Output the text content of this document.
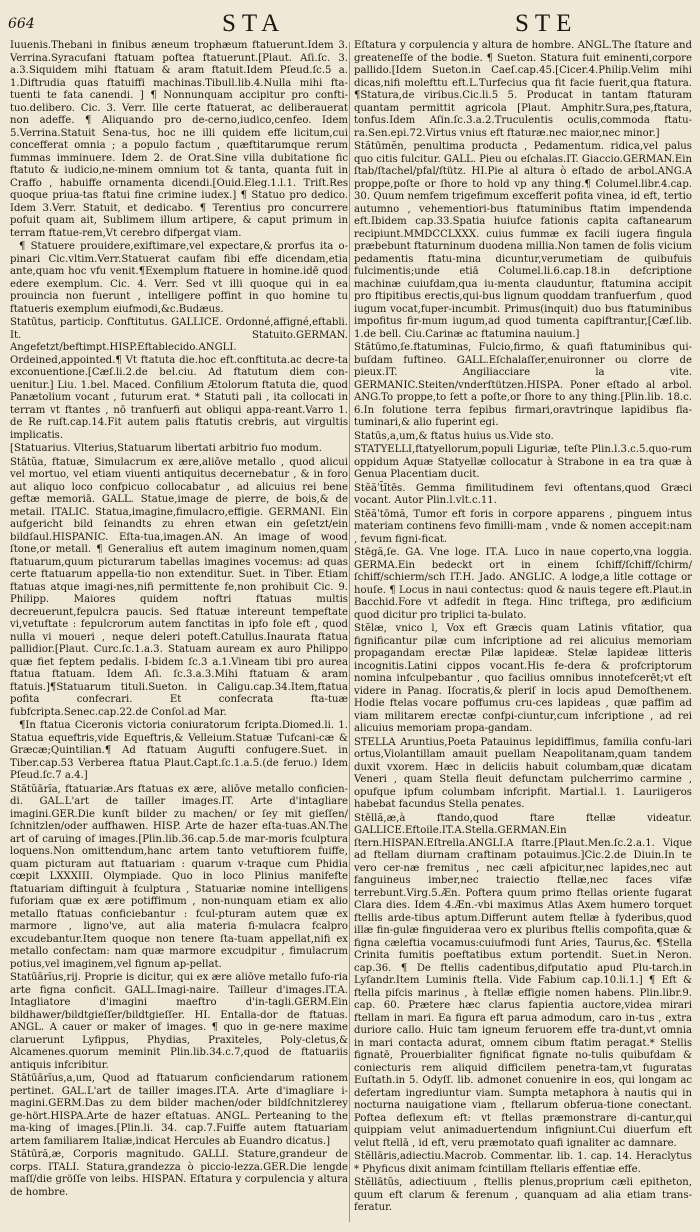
664	STA	STE

Iuuenis.Thebani in finibus æneum trophæum ftatuerunt.Idem 3. Verrina.Syracufani ftatuam poftea ftatuerunt.[Plaut. Aſi.ſc. 3. a.3.Siquidem mihi ftatuam & aram ftatuit.Idem Pſeud.ſc.5 a. 1.Diftrudia quas ftatuiffi machinas.Tibull.lib.4.Nulla mihi fta-tuenti te fata canendi. ] ¶ Nonnunquam accipitur pro confti-tuo.delibero. Cic. 3. Verr. Ille certe ftatuerat, ac deliberauerat non adeffe. ¶ Aliquando pro de-cerno,iudico,cenfeo. Idem 5.Verrina.Statuit Sena-tus, hoc ne illi quidem effe licitum,cui concefferat omnia ; a populo factum , quæftitarumque rerum fummas imminuere. Idem 2. de Orat.Sine villa dubitatione fic ftatuto & iudicio,ne-minem omnium tot & tanta, quanta fuit in Craffo , habuiffe ornamenta dicendi.[Ouid.Eleg.1.l.1. Triſt.Res quoque priua-tas ftatui fine crimine iudex.] ¶ Statuo pro dedico. Idem 3.Verr. Statuit, et dedicabo. ¶ Terentius pro concurrere pofuit quam ait, Sublimem illum artipere, & caput primum in terram ftatue-rem,Vt cerebro difpergat viam.

¶ Statuere prouidere,exiftimare,vel expectare,& prorfus ita o-pinari Cic.vltim.Verr.Statuerat caufam fibi effe dicendam,etia ante,quam hoc vfu venit.¶Exemplum ftatuere in homine.idē quod edere exemplum. Cic. 4. Verr. Sed vt illi quoque qui in ea prouincia non fuerunt , intelligere poffint in quo homine tu ftatueris exemplum eiufmodi,&c.Budæus.

Statūtus, particip. Conftitutus. GALLICE. Ordonné,affigné,eftabli. It. Statuito.GERMAN. Angefetzt/beftimpt.HISP.Eftablecido.ANGLI. Ordeined,appointed.¶ Vt ftatuta die.hoc eft.conftituta.ac decre-ta exconuentione.[Cæſ.li.2.de bel.ciu. Ad ftatutum diem con-uenitur.] Liu. 1.bel. Maced. Confilium Ætolorum ftatuta die, quod Panætolium vocant , futurum erat. * Statuti pali , ita collocati in terram vt ftantes , nō tranfuerfi aut obliqui appa-reant.Varro 1. de Re ruſt.cap.14.Fit autem palis ftatutis crebris, aut virgultis implicatis.

[Statuarius. Vlterius,Statuarum libertati arbitrio fuo modum.

Stātŭa, ftatuæ, Simulacrum ex ære,aliōve metallo , quod alicui vel mortuo, vel etiam viuenti antiquitus decernebatur , & in foro aut aliquo loco confpicuo collocabatur , ad alicuius rei bene geftæ memoriā. GALL. Statue,image de pierre, de bois,& de metail. ITALIC. Statua,imagine,fimulacro,effigie. GERMANI. Ein aufgericht bild ſeinandts zu ehren etwan ein geſetzt/ein bildſaul.HISPANIC. Eſta-tua,imagen.AN. An image of wood ſtone,or metall. ¶ Generalius eft autem imaginum nomen,quam ftatuarum,quum picturarum tabellas imagines vocemus: ad quas certe ftatuarum appella-tio non extenditur. Suet. in Tiber. Etiam ftatuas atque imagi-nes,nifi permittente fe,non prohibuit Cic. 9. Philipp. Maiores quidem noftri ftatuas multis decreuerunt,fepulcra paucis. Sed ftatuæ intereunt tempeftate vi,vetuftate : fepulcrorum autem fanctitas in ipfo fole eft , quod nulla vi moueri , neque deleri poteft.Catullus.Inaurata ftatua pallidior.[Plaut. Curc.ſc.1.a.3. Statuam auream ex auro Philippo quæ fiet feptem pedalis. I-bidem ſc.3 a.1.Vineam tibi pro aurea ftatua ftatuam. Idem Aſi. ſc.3.a.3.Mihi ftatuam & aram ftatuis.]¶Statuarum tituli.Sueton. in Caligu.cap.34.Item,ftatua pofita confecrari. Et confecrata fta-tuæ fubfcripta.Senec.cap.22.de Conſol.ad Mar.

¶In ftatua Ciceronis victoria coniuratorum fcripta.Diomed.li. 1. Statua equeftris,vide Equeftris,& Velleium.Statuæ Tufcani-cæ & Græcæ;Quintilian.¶ Ad ftatuam Augufti confugere.Suet. in Tiber.cap.53 Verberea ftatua Plaut.Capt.ſc.1.a.5.(de feruo.) Idem Pſeud.ſc.7 a.4.]

Stătŭārĭa, ftatuariæ.Ars ftatuas ex ære, aliōve metallo conficien-di. GAL.L'art de tailler images.IT. Arte d'intagliare imagini.GER.Die kunſt bilder zu machen/ or ſey mit gieſſen/ſchnitzlen/oder auffhawen. HISP. Arte de hazer eſta-tuas.AN.The art of caruing of images.[Plin.lib.36.cap.5.de mar-moris fculptura loquens.Non omittendum,hanc artem tanto vetuftiorem fuiffe, quam picturam aut ftatuariam : quarum v-traque cum Phidia cœpit LXXXIII. Olympiade. Quo in loco Plinius manifefte ftatuariam diftinguit à fculptura , Statuariæ nomine intelligens fuforiam quæ ex ære potiffimum , non-nunquam etiam ex alio metallo ftatuas conficiebantur : fcul-pturam autem quæ ex marmore , ligno've, aut alia materia fi-mulacra fcalpro excudebantur.Item quoque non tenere ſta-tuam appellat,nifi ex metallo confectam: nam quæ marmore excudpitur , fimulacrum potius,vel imaginem,vel fignum ap-pellat.

Statūārĭus,rij. Proprie is dicitur, qui ex ære aliōve metallo fufo-ria arte figna conficit. GALL.Imagi-naire. Tailleur d'images.IT.A. Intagliatore d'imagini maeftro d'in-tagli.GERM.Ein bildhawer/bildtgieſſer/bildtgieſſer. HI. Entalla-dor de ftatuas. ANGL. A cauer or maker of images. ¶ quo in ge-nere maxime claruerunt Lyfippus, Phydias, Praxiteles, Poly-cletus,& Alcamenes.quorum meminit Plin.lib.34.c.7,quod de ftatuariis antiquis infcribitur.

Stătūārĭus,a,um, Quod ad ftatuarum conficiendarum rationem pertinet. GAL.L'art de tailler images.IT.A. Arte d'imagliare i-magini.GERM.Das zu dem bilder machen/oder bildſchnitzlerey ge-hört.HISPA.Arte de hazer eſtatuas. ANGL. Perteaning to the ma-king of images.[Plin.li. 34. cap.7.Fuiffe autem ftatuariam artem familiarem Italiæ,indicat Hercules ab Euandro dicatus.]

Stătūră,æ, Corporis magnitudo. GALLI. Stature,grandeur de corps. ITALI. Statura,grandezza ò piccio-lezza.GER.Die lengde maſſ/die gröſſe von leibs. HISPAN. Eſtatura y corpulencia y altura de hombre.

Eſtatura y corpulencia y altura de hombre. ANGL.The ſtature and greateneſſe of the bodie. ¶ Sueton. Statura fuit eminenti,corpore pallido.[Idem Sueton.in Caeſ.cap.45.[Cicer.4.Philip.Velim mihi dicas,nifi molefttu eft.L.Turfecius qua fit facie fuerit,qua ftatura. ¶Statura,de viribus.Cic.li.5 5. Producat in tantam ftaturam quantam permittit agricola [Plaut. Amphitr.Sura,pes,ftatura, tonfus.Idem Aſin.ſc.3.a.2.Truculentis oculis,commoda ftatu-ra.Sen.epi.72.Virtus vnius eft ftaturæ.nec maior,nec minor.]

Stătūmĕn, penultima producta , Pedamentum. ridica,vel palus quo citis fulcitur. GALL. Pieu ou eſchalas.IT. Giaccio.GERMAN.Ein ſtab/ſtachel/pfal/ſtütz. HI.Pie al altura ò eſtado de arbol.ANG.A proppe,poſte or ſhore to hold vp any thing.¶ Columel.libr.4.cap. 30. Quum nemfem trigefimum excefferit pofita vinea, id eft, tertio autumno , vehementiori-bus ftatuminibus ftatim impendenda eft.Ibidem cap.33.Spatia huiufce fationis capita caftanearum recipiunt.MMDCCLXXX. cuius fummæ ex facili iugera fingula præbebunt ftaturninum duodena millia.Non tamen de folis vicium pedamentis ftatu-mina dicuntur,verumetiam de quibufuis fulcimentis;unde etiā Columel.li.6.cap.18.in defcriptione machinæ cuiufdam,qua iu-menta clauduntur, ftatumina accipit pro ftipitibus erectis,qui-bus lignum quoddam tranfuerfum , quod iugum vocat,fuper-incumbit. Primus(inquit) duo bus ftatuminibus impofitus fir-mum iugum,ad quod tumenta capiftrantur,[Cæſ.lib. 1.de bell. Ciu.Carinæ ac ftatumina nauium.]

Stătūmo,ſe.ftatuminas, Fulcio,firmo, & quafi ftatuminibus qui-buſdam fuftineo. GALL.Eſchalaſſer,enuironner ou clorre de pieux.IT. Angiliacciare la vite. GERMANIC.Steiten/vnderſtützen.HISPA. Poner eſtado al arbol. ANG.To proppe,to ſett a poſte,or ſhore to any thing.[Plin.lib. 18.c. 6.In folutione terra fepibus firmari,oravtrinque lapidibus fla-tuminari,& alio fuperint egi.

Statūs,a,um,& ftatus huius us.Vide sto.

STATYELLI,ftatyellorum,populi Liguriæ, teſte Plin.l.3.c.5.quo-rum oppidum Aquæ Statyellæ collocatur à Strabone in ea tra quæ à Genua Placentiam ducit.

Stĕăˈt̄ĭtēs. Gemma fimilitudinem fevi oftentans,quod Græci vocant. Autor Plin.l.vlt.c.11.

Stĕăˈtōmă, Tumor eft foris in corpore apparens , pinguem intus materiam continens fevo fimilli-mam , vnde & nomen accepit:nam , fevum figni-ficat.

Stēgă,ſe. GA. Vne loge. IT.A. Luco in naue coperto,vna loggia. GERMA.Ein bedeckt ort in einem ſchiff/ſchiff/ſchirm/ſchiff/schierm/sch IT.H. Jado. ANGLIC. A lodge,a litle cottage or houſe. ¶ Locus in naui contectus: quod & nauis tegere eft.Plaut.in Bacchid.Fore vt adfedit in ftega. Hinc triftega, pro ædificium quod dicitur pro triplici ta-bulato.

Stĕlæ, vnico l, Vox eft Græcis quam Latinis vfitatior, qua fignificantur pilæ cum infcriptione ad rei alicuius memoriam propagandam erectæ Pilæ lapideæ. Stelæ lapideæ litteris incognitis.Latini cippos vocant.His fe-dera & profcriptorum nomina infculpebantur , quo facilius omnibus innotefcerēt;vt eſt videre in Panag. Iſocratis,& pleriſ in locis apud Demoſthenem. Hodie ftelas vocare poffumus cru-ces lapideas , quæ paffim ad viam militarem erectæ confpi-ciuntur,cum infcriptione , ad rei alicuius memoriam propa-gandam.

STELLA Aruntius,Poeta Patauinus lepidiffimus, familia confu-lari ortus,Violantillam amauit puellam Neapolitanam,quam tandem duxit vxorem. Hæc in deliciis habuit columbam,quæ dicatam Veneri , quam Stella fleuit defunctam pulcherrimo carmine , opufque ipfum columbam infcripfit. Martial.l. 1. Lauriigeros habebat facundus Stella penates.

Stēllă,æ,à ftando,quod ftare ftellæ videatur. GALLICE.Eftoile.IT.A.Stella.GERMAN.Ein ſtern.HISPAN.Eſtrella.ANGLI.A ſtarre.[Plaut.Men.ſc.2.a.1. Vique ad ftellam diurnam craftinam potauimus.]Cic.2.de Diuin.In te vero cer-næ fremitus , nec cæli afpicitur,nec lapides,nec aut fanguineus imber,nec traiectio ftellæ,nec faces vifæ terrebunt.Virg.5.Æn. Poftera quum primo ftellas oriente fugarat Clara dies. Idem 4.Æn.-vbi maximus Atlas Axem humero torquet ftellis arde-tibus aptum.Differunt autem ftellæ à fyderibus,quod illæ fin-gulæ finguideraa vero ex pluribus ftellis compofita,quæ & figna cæleftia vocamus:cuiufmodi funt Aries, Taurus,&c. ¶Stella Crinita fumitis poeftatibus extum portendit. Suet.in Neron. cap.36. ¶ De ftellis cadentibus,difputatio apud Plu-tarch.in Lyſandr.Item Luminis ftella. Vide Fabium cap.10.li.1.] ¶ Eft & ftella pifcis marinus , à ftellæ effigie nomen habens. Plin.libr.9. cap. 60. Prætere hæc clarus fapientia auctore,videa mirari ftellam in mari. Ea figura eft parua admodum, caro in-tus , extra duriore callo. Huic tam igneum feruorem effe tra-dunt,vt omnia in mari contacta adurat, omnem cibum ftatim peragat.* Stellis fignatē, Prouerbialiter fignificat fignate no-tulis quibufdam & coniecturis rem aliquid difficilem penetra-tam,vt fuguratas Euſtath.in 5. Odyſſ. lib. admonet conuenire in eos, qui longam ac defertam ingrediuntur viam. Sumpta metaphora à nautis qui in nocturna nauigatione viam , ftellarum obferua-tione conectant. Poftea deflexum eft: vt ftellas præmonstrare di-cantur,qui quippiam velut animaduertendum infigniunt.Cui diuerfum eft velut ftellā , id eft, veru præmotato quafi ignaliter ac damnare.

Stĕllāris,adiectiu.Macrob. Commentar. lib. 1. cap. 14. Heraclytus * Phyficus dixit animam fcintillam ftellaris effentiæ effe.

Stĕllātŭs, adiectiuum , ftellis plenus,proprium cæli epitheton, quum eft clarum & ferenum , quanquam ad alia etiam trans-feratur.
